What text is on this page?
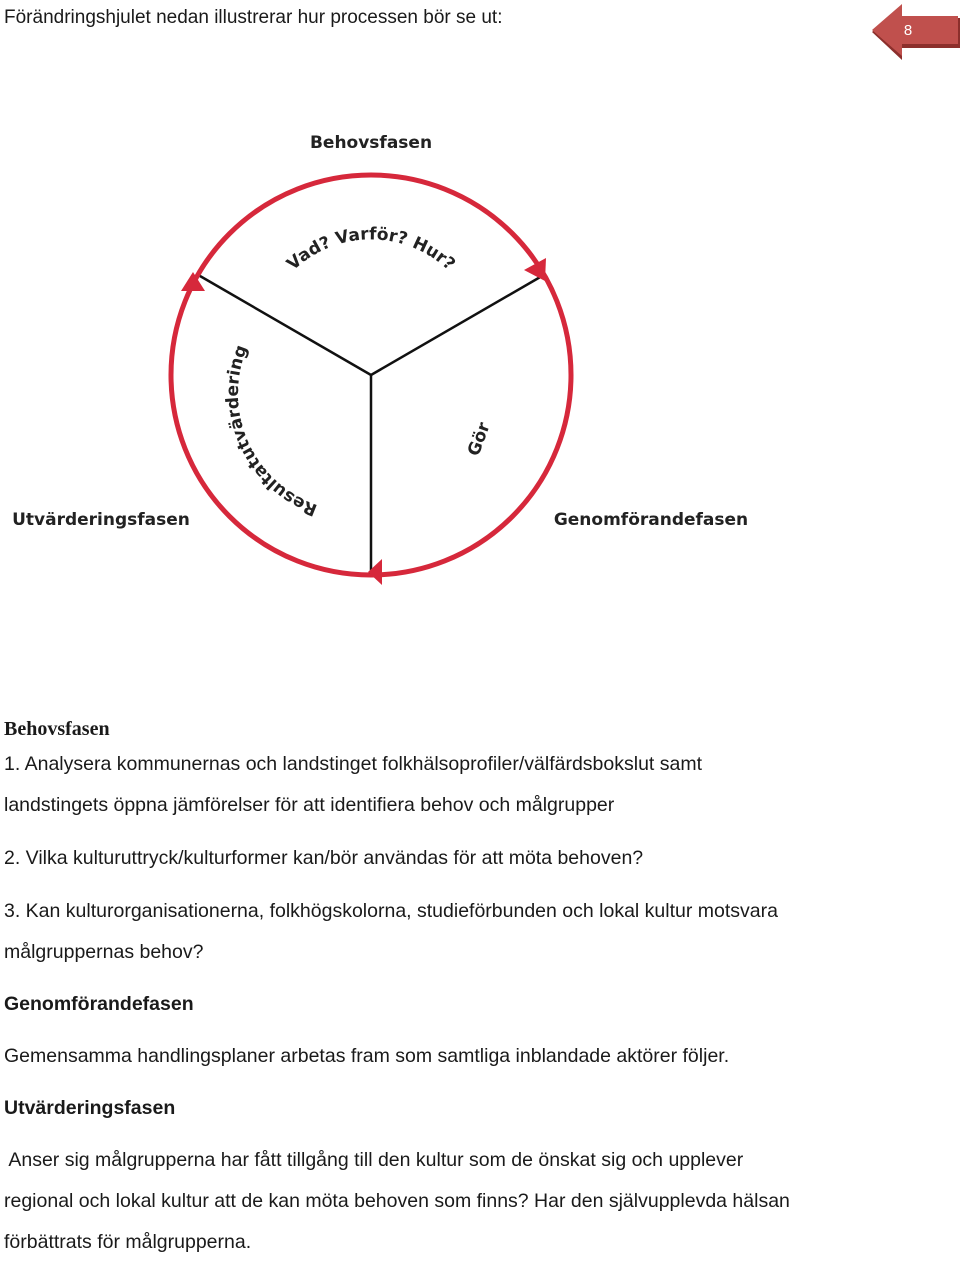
Förändringshjulet nedan illustrerar hur processen bör se ut:

8
Behovsfasen
Utvärderingsfasen	Genomförandefasen
Vad? Varför? Hur?
Resultatutvärdering
Gör

Behovsfasen

1. Analysera kommunernas och landstinget folkhälsoprofiler/välfärdsbokslut samt

landstingets öppna jämförelser för att identifiera behov och målgrupper

2. Vilka kulturuttryck/kulturformer kan/bör användas för att möta behoven?

3. Kan kulturorganisationerna, folkhögskolorna, studieförbunden och lokal kultur motsvara

målgruppernas behov?

Genomförandefasen

Gemensamma handlingsplaner arbetas fram som samtliga inblandade aktörer följer.

Utvärderingsfasen

Anser sig målgrupperna har fått tillgång till den kultur som de önskat sig och upplever

regional och lokal kultur att de kan möta behoven som finns? Har den självupplevda hälsan

förbättrats för målgrupperna.
